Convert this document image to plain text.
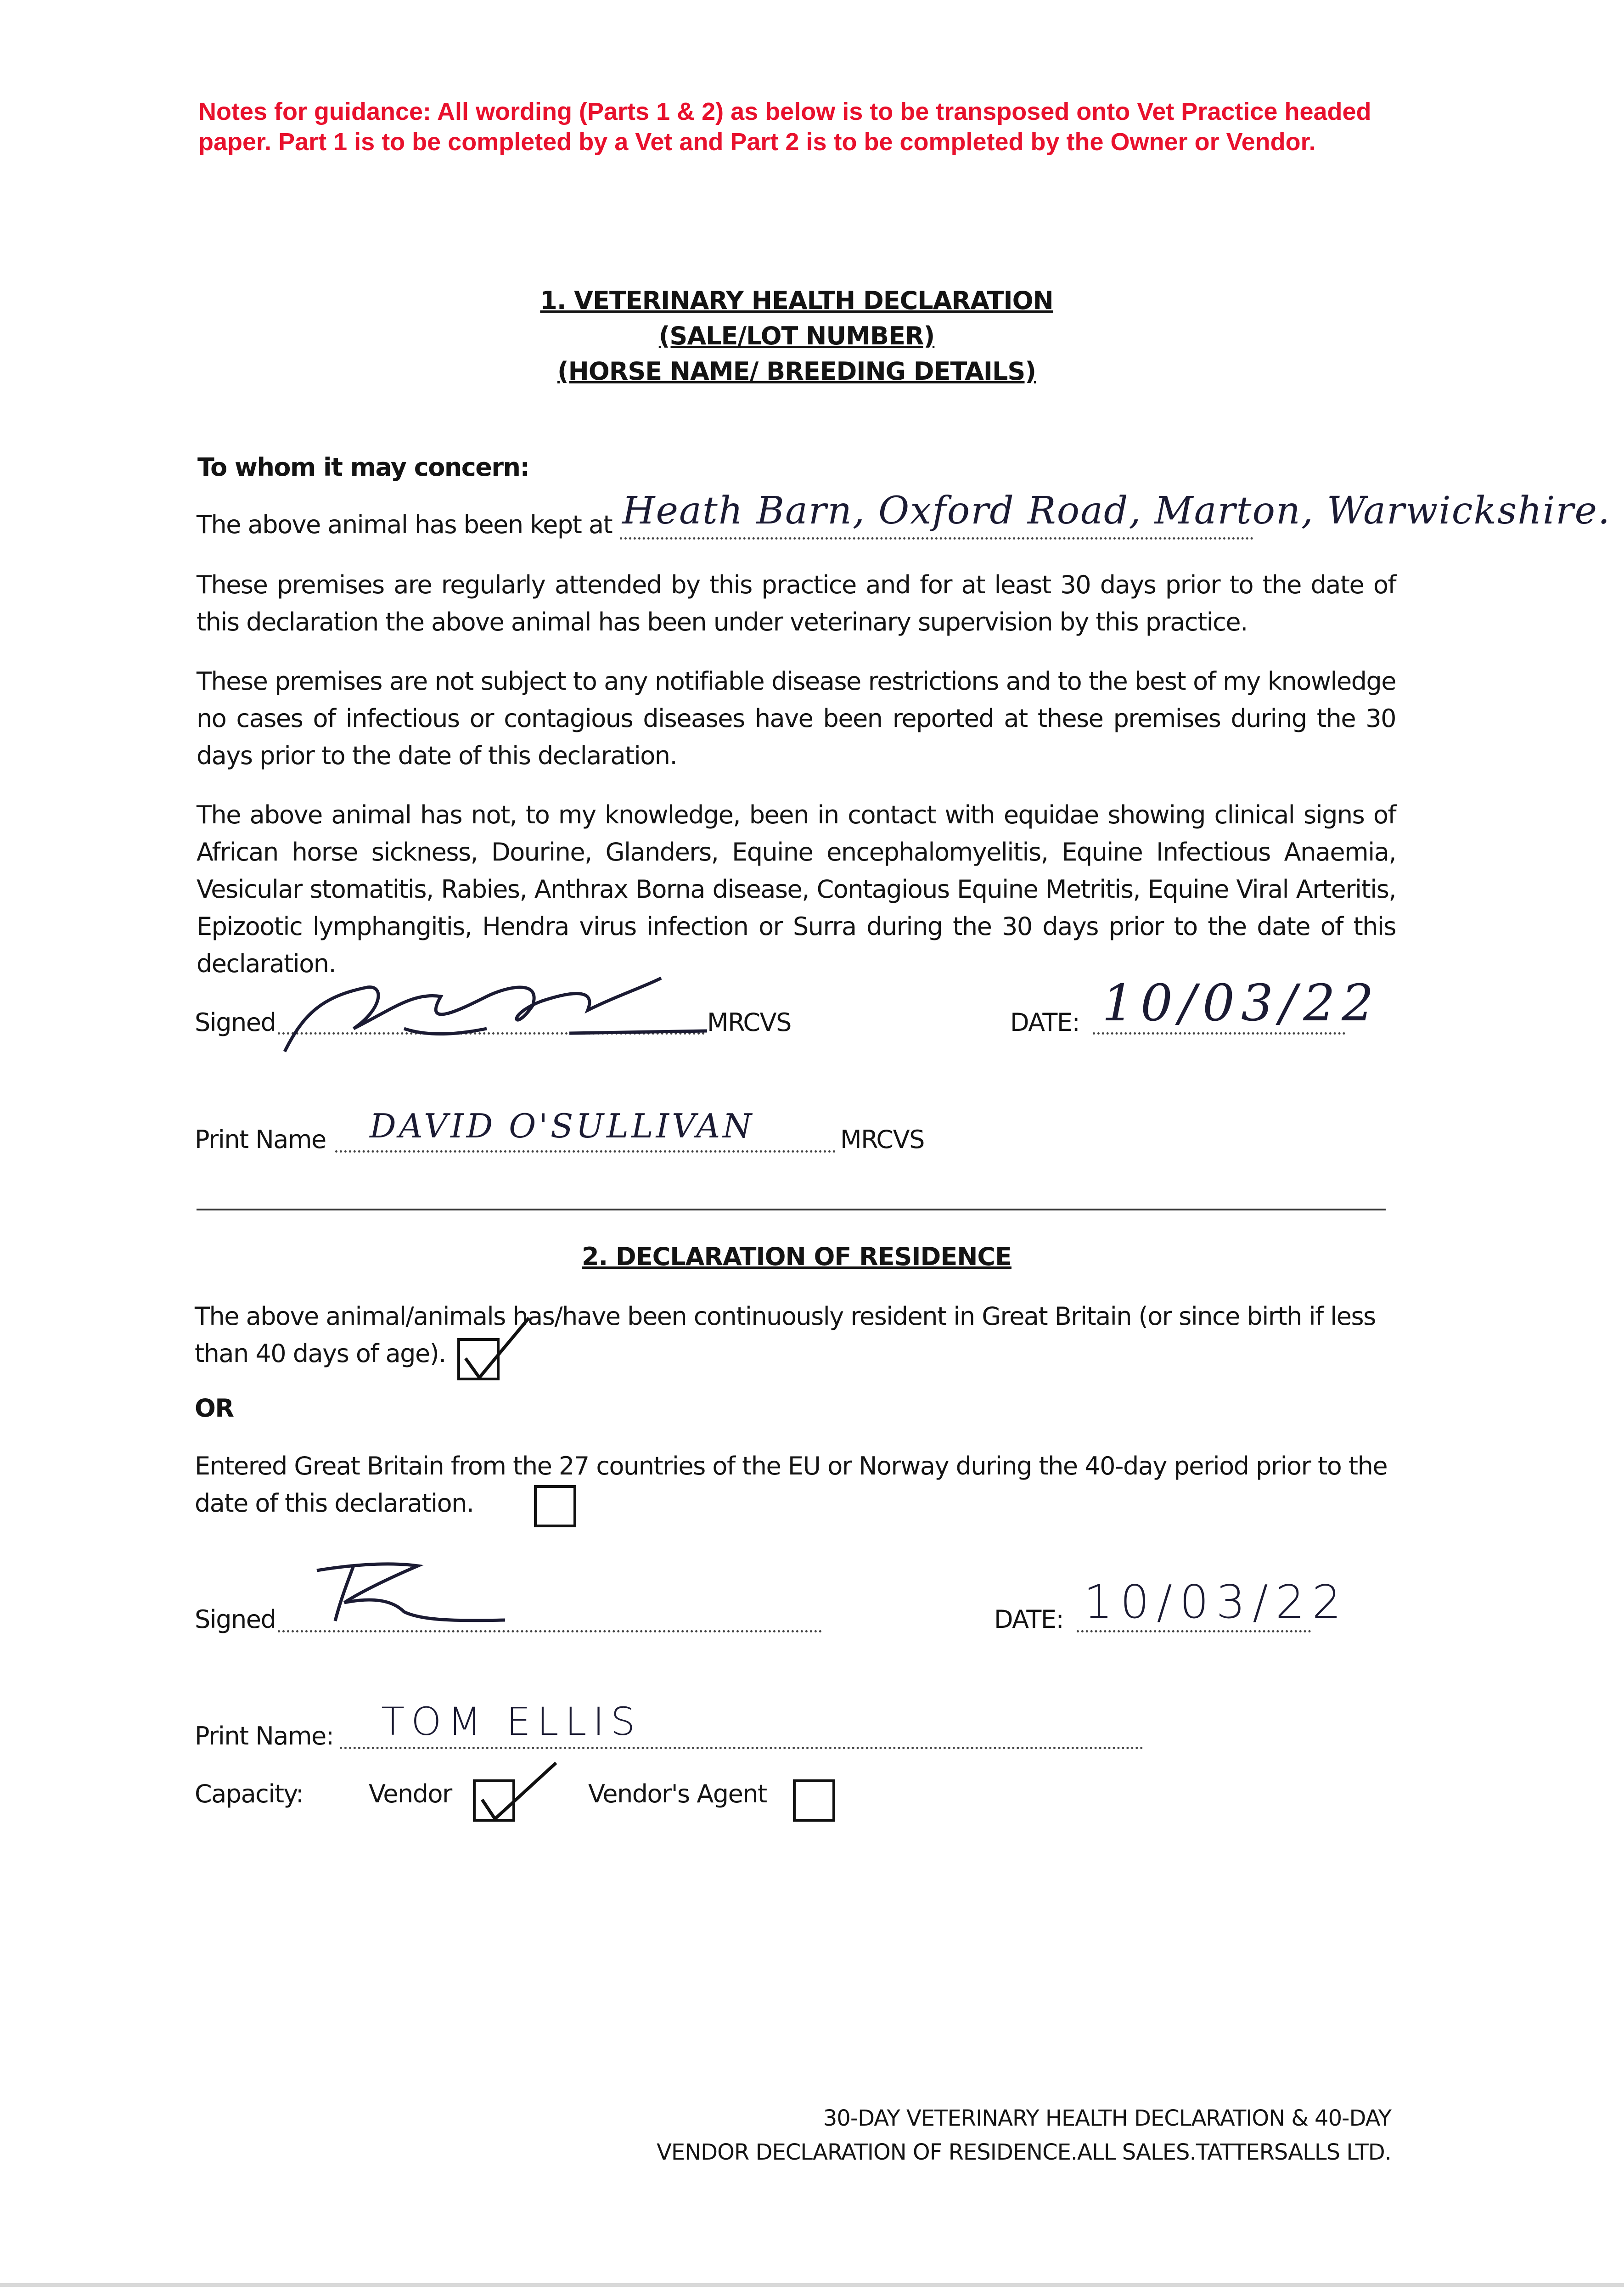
Notes for guidance: All wording (Parts 1 & 2) as below is to be transposed onto Vet Practice headed paper. Part 1 is to be completed by a Vet and Part 2 is to be completed by the Owner or Vendor.
1. VETERINARY HEALTH DECLARATION
(SALE/LOT NUMBER)
(HORSE NAME/ BREEDING DETAILS)
To whom it may concern:
The above animal has been kept at Heath Barn, Oxford Road, Marton, Warwickshire.
These premises are regularly attended by this practice and for at least 30 days prior to the date of this declaration the above animal has been under veterinary supervision by this practice.
These premises are not subject to any notifiable disease restrictions and to the best of my knowledge no cases of infectious or contagious diseases have been reported at these premises during the 30 days prior to the date of this declaration.
The above animal has not, to my knowledge, been in contact with equidae showing clinical signs of African horse sickness, Dourine, Glanders, Equine encephalomyelitis, Equine Infectious Anaemia, Vesicular stomatitis, Rabies, Anthrax Borna disease, Contagious Equine Metritis, Equine Viral Arteritis, Epizootic lymphangitis, Hendra virus infection or Surra during the 30 days prior to the date of this declaration.
Signed	MRCVS	DATE: 10/03/22
Print Name DAVID O'SULLIVAN	MRCVS
2. DECLARATION OF RESIDENCE
The above animal/animals has/have been continuously resident in Great Britain (or since birth if less than 40 days of age).
OR
Entered Great Britain from the 27 countries of the EU or Norway during the 40-day period prior to the date of this declaration.
Signed	DATE: 10/03/22
Print Name: TOM ELLIS
Capacity:	Vendor	Vendor's Agent
30-DAY VETERINARY HEALTH DECLARATION & 40-DAY
VENDOR DECLARATION OF RESIDENCE.ALL SALES.TATTERSALLS LTD.
